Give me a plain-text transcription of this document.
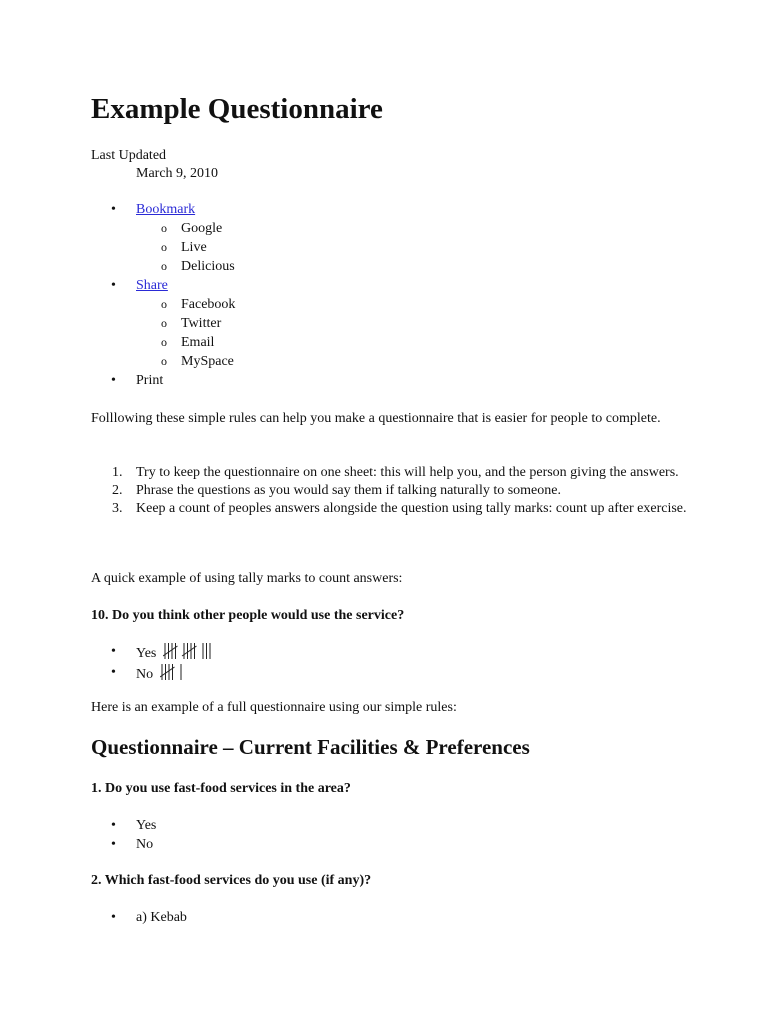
Example Questionnaire
Last Updated
March 9, 2010
• Bookmark
o Google
o Live
o Delicious
• Share
o Facebook
o Twitter
o Email
o MySpace
• Print

Folllowing these simple rules can help you make a questionnaire that is easier for people to complete.

1. Try to keep the questionnaire on one sheet: this will help you, and the person giving the answers.
2. Phrase the questions as you would say them if talking naturally to someone.
3. Keep a count of peoples answers alongside the question using tally marks: count up after exercise.

A quick example of using tally marks to count answers:

10. Do you think other people would use the service?

• Yes
• No

Here is an example of a full questionnaire using our simple rules:

Questionnaire – Current Facilities & Preferences

1. Do you use fast-food services in the area?

• Yes
• No

2. Which fast-food services do you use (if any)?

• a) Kebab
